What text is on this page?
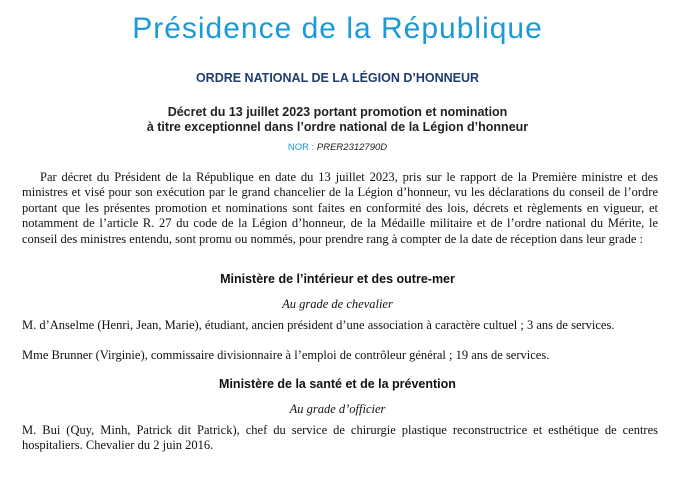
Présidence de la République
ORDRE NATIONAL DE LA LÉGION D’HONNEUR
Décret du 13 juillet 2023 portant promotion et nomination
à titre exceptionnel dans l’ordre national de la Légion d’honneur
NOR : PRER2312790D

Par décret du Président de la République en date du 13 juillet 2023, pris sur le rapport de la Première ministre et des ministres et visé pour son exécution par le grand chancelier de la Légion d’honneur, vu les déclarations du conseil de l’ordre portant que les présentes promotion et nominations sont faites en conformité des lois, décrets et règlements en vigueur, et notamment de l’article R. 27 du code de la Légion d’honneur, de la Médaille militaire et de l’ordre national du Mérite, le conseil des ministres entendu, sont promu ou nommés, pour prendre rang à compter de la date de réception dans leur grade :

Ministère de l’intérieur et des outre-mer
Au grade de chevalier

M. d’Anselme (Henri, Jean, Marie), étudiant, ancien président d’une association à caractère cultuel ; 3 ans de services.

Mme Brunner (Virginie), commissaire divisionnaire à l’emploi de contrôleur général ; 19 ans de services.

Ministère de la santé et de la prévention
Au grade d’officier

M. Bui (Quy, Minh, Patrick dit Patrick), chef du service de chirurgie plastique reconstructrice et esthétique de centres hospitaliers. Chevalier du 2 juin 2016.
